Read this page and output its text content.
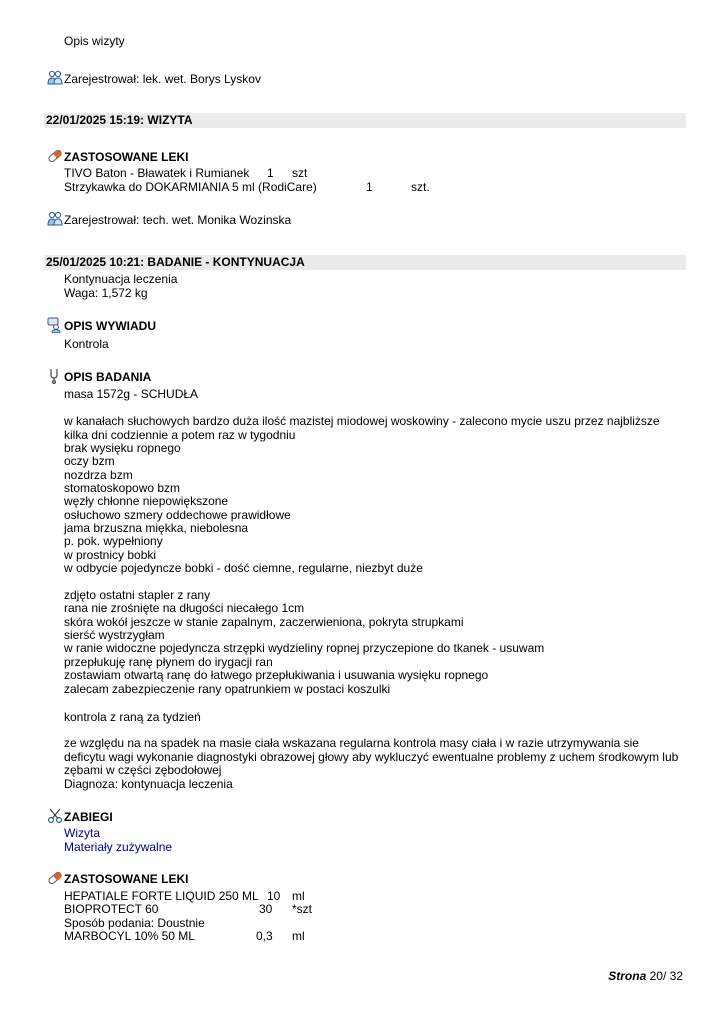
Opis wizyty
Zarejestrował: lek. wet. Borys Lyskov
22/01/2025 15:19: WIZYTA
ZASTOSOWANE LEKI
TIVO Baton - Bławatek i Rumianek 1 szt
Strzykawka do DOKARMIANIA 5 ml (RodiCare)	1	szt.
Zarejestrował: tech. wet. Monika Wozinska
25/01/2025 10:21: BADANIE - KONTYNUACJA
Kontynuacja leczenia
Waga: 1,572 kg
OPIS WYWIADU
Kontrola
OPIS BADANIA
masa 1572g - SCHUDŁA
w kanałach słuchowych bardzo duża ilość mazistej miodowej woskowiny - zalecono mycie uszu przez najbliższe
kilka dni codziennie a potem raz w tygodniu
brak wysięku ropnego
oczy bzm
nozdrza bzm
stomatoskopowo bzm
węzły chłonne niepowiększone
osłuchowo szmery oddechowe prawidłowe
jama brzuszna miękka, niebolesna
p. pok. wypełniony
w prostnicy bobki
w odbycie pojedyncze bobki - dość ciemne, regularne, niezbyt duże
zdjęto ostatni stapler z rany
rana nie zrośnięte na długości niecałego 1cm
skóra wokół jeszcze w stanie zapalnym, zaczerwieniona, pokryta strupkami
sierść wystrzygłam
w ranie widoczne pojedyncza strzępki wydzieliny ropnej przyczepione do tkanek - usuwam
przepłukuję ranę płynem do irygacji ran
zostawiam otwartą ranę do łatwego przepłukiwania i usuwania wysięku ropnego
zalecam zabezpieczenie rany opatrunkiem w postaci koszulki
kontrola z raną za tydzień
ze względu na na spadek na masie ciała wskazana regularna kontrola masy ciała i w razie utrzymywania sie
deficytu wagi wykonanie diagnostyki obrazowej głowy aby wykluczyć ewentualne problemy z uchem środkowym lub
zębami w części zębodołowej
Diagnoza: kontynuacja leczenia
ZABIEGI
Wizyta
Materiały zużywalne
ZASTOSOWANE LEKI
HEPATIALE FORTE LIQUID 250 ML 10 ml
BIOPROTECT 60	30 *szt
Sposób podania: Doustnie
MARBOCYL 10% 50 ML	0,3 ml
Strona 20/ 32
